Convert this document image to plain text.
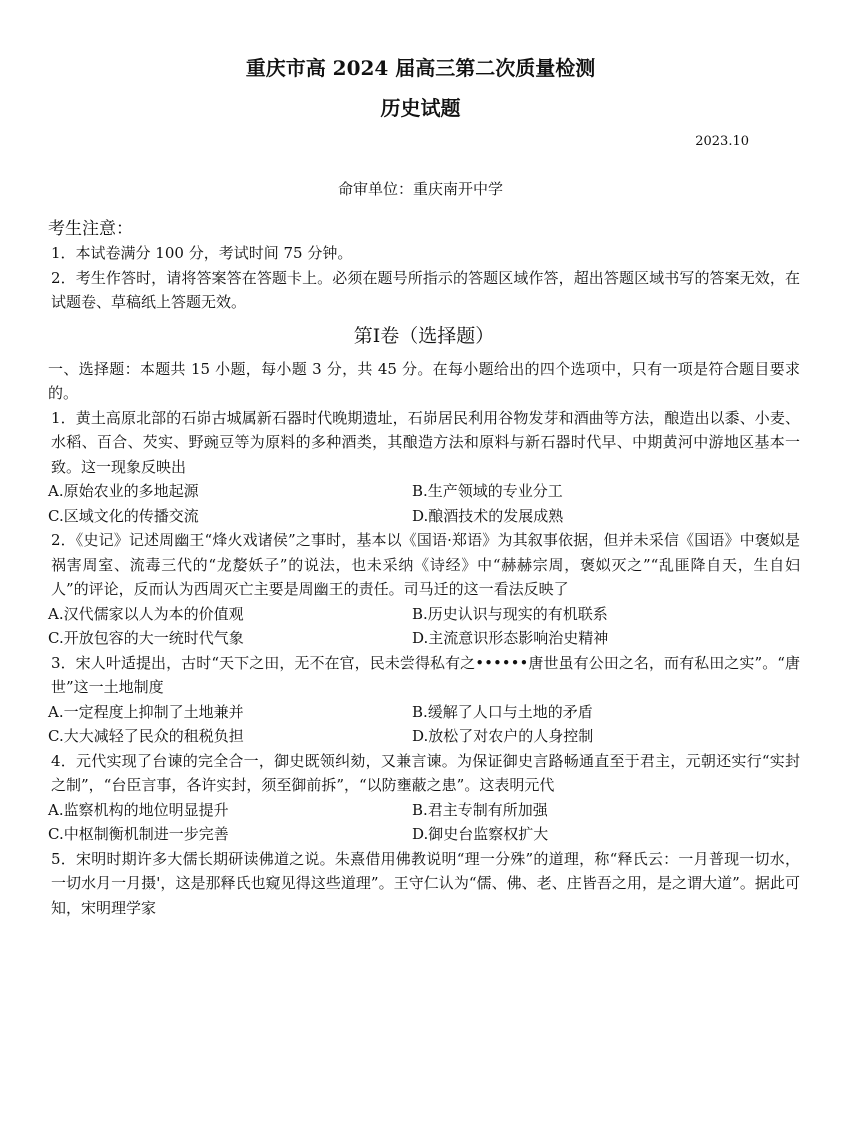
重庆市高 2024 届高三第二次质量检测
历史试题
2023.10
命审单位：重庆南开中学
考生注意：

1．本试卷满分 100 分，考试时间 75 分钟。

2．考生作答时，请将答案答在答题卡上。必须在题号所指示的答题区域作答，超出答题区域书写的答案无效，在试题卷、草稿纸上答题无效。

第Ⅰ卷（选择题）

一、选择题：本题共 15 小题，每小题 3 分，共 45 分。在每小题给出的四个选项中，只有一项是符合题目要求的。

1．黄土高原北部的石峁古城属新石器时代晚期遗址，石峁居民利用谷物发芽和酒曲等方法，酿造出以黍、小麦、水稻、百合、芡实、野豌豆等为原料的多种酒类，其酿造方法和原料与新石器时代早、中期黄河中游地区基本一致。这一现象反映出

A.原始农业的多地起源	B.生产领域的专业分工
C.区域文化的传播交流	D.酿酒技术的发展成熟

2．《史记》记述周幽王“烽火戏诸侯”之事时，基本以《国语·郑语》为其叙事依据，但并未采信《国语》中褒姒是祸害周室、流毒三代的“龙嫠妖子”的说法，也未采纳《诗经》中“赫赫宗周，褒姒灭之”“乱匪降自天，生自妇人”的评论，反而认为西周灭亡主要是周幽王的责任。司马迁的这一看法反映了

A.汉代儒家以人为本的价值观	B.历史认识与现实的有机联系
C.开放包容的大一统时代气象	D.主流意识形态影响治史精神

3．宋人叶适提出，古时“天下之田，无不在官，民未尝得私有之••••••唐世虽有公田之名，而有私田之实”。“唐世”这一土地制度

A.一定程度上抑制了土地兼并	B.缓解了人口与土地的矛盾
C.大大减轻了民众的租税负担	D.放松了对农户的人身控制

4．元代实现了台谏的完全合一，御史既领纠劾，又兼言谏。为保证御史言路畅通直至于君主，元朝还实行“实封之制”，“台臣言事，各许实封，须至御前拆”，“以防壅蔽之患”。这表明元代

A.监察机构的地位明显提升	B.君主专制有所加强
C.中枢制衡机制进一步完善	D.御史台监察权扩大

5．宋明时期许多大儒长期研读佛道之说。朱熹借用佛教说明“理一分殊”的道理，称“释氏云：一月普现一切水，一切水月一月摄'，这是那释氏也窥见得这些道理”。王守仁认为“儒、佛、老、庄皆吾之用，是之谓大道”。据此可知，宋明理学家
